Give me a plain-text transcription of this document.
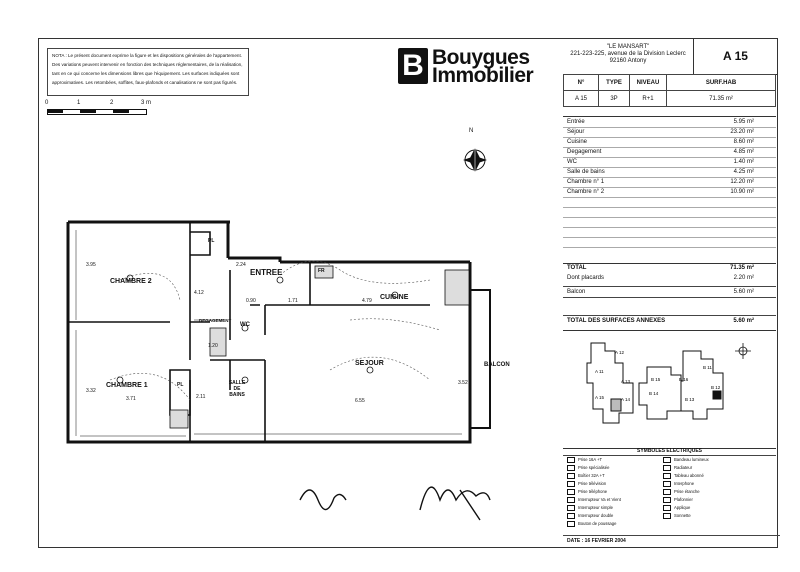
NOTA : Le présent document exprime la figure et les dispositions générales de l'appartement. Des variations peuvent intervenir en fonction des techniques réglementaires, de la réalisation, tant en ce qui concerne les dimensions libres que l'équipement. Les surfaces indiquées sont approximatives. Les retombées, soffites, faux-plafonds et canalisations ne sont pas figurés.
0	1	2	3 m
B Bouygues
Immobilier
"LE MANSART"
221-223-225, avenue de la Division Leclerc
92160 Antony	A 15
N°	TYPE	NIVEAU	SURF.HAB
A 15	3P	R+1	71.35 m²
Entrée	5.95 m²
Séjour	23.20 m²
Cuisine	8.60 m²
Degagement	4.85 m²
WC	1.40 m²
Salle de bains	4.25 m²
Chambre n° 1	12.20 m²
Chambre n° 2	10.90 m²
TOTAL	71.35 m²
Dont placards	2.20 m²
Balcon	5.60 m²
TOTAL DES SURFACES ANNEXES	5.60 m²
A 12
A 11
A 13
A 14
A 15
B 15
B 14
B 16
B 11
B 12
B 13
SYMBOLES ELECTRIQUES
Prise 16A +T
Prise spécialisée
Boîtier 32A +T
Prise télévision
Prise téléphone
Interrupteur Va et Vient
Interrupteur simple
Interrupteur double
Bouton de poussage
Bandeau lumineux
Radiateur
Tableau abonné
Interphone
Prise étanche
Plafonnier
Applique
Sonnette
DATE : 16 FEVRIER 2004
N
CHAMBRE 2
CHAMBRE 1
ENTREE
CUISINE
SEJOUR	BALCON
WC
SALLE DE BAINS
PL
PL
DEGAGEMENT
FR
3.95
3.71
3.32
4.12
1.20
0.90	1.71	4.79
6.55
3.52
2.11
2.24
